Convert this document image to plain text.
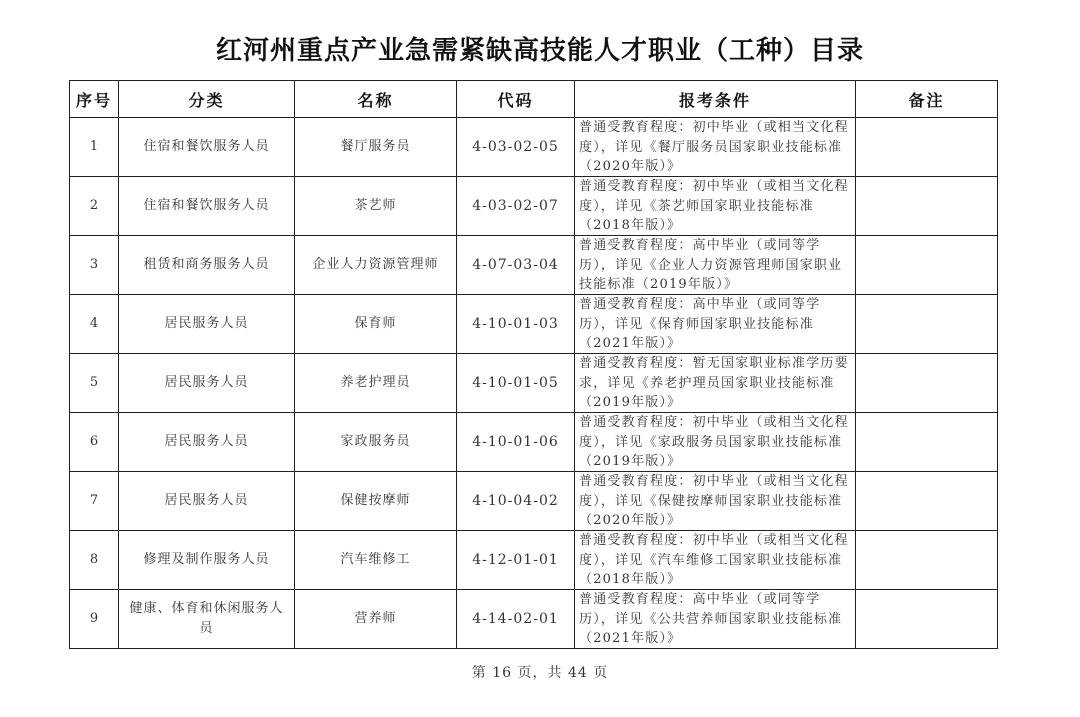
红河州重点产业急需紧缺高技能人才职业（工种）目录
序号	分类	名称	代码	报考条件	备注
1	住宿和餐饮服务人员	餐厅服务员	4-03-02-05	普通受教育程度：初中毕业（或相当文化程度），详见《餐厅服务员国家职业技能标准（2020年版）》	

2	住宿和餐饮服务人员	茶艺师	4-03-02-07	普通受教育程度：初中毕业（或相当文化程度），详见《茶艺师国家职业技能标准（2018年版）》	

3	租赁和商务服务人员	企业人力资源管理师	4-07-03-04	普通受教育程度：高中毕业（或同等学历），详见《企业人力资源管理师国家职业技能标准（2019年版）》	

4	居民服务人员	保育师	4-10-01-03	普通受教育程度：高中毕业（或同等学历），详见《保育师国家职业技能标准（2021年版）》	

5	居民服务人员	养老护理员	4-10-01-05	普通受教育程度：暂无国家职业标准学历要求，详见《养老护理员国家职业技能标准（2019年版）》	

6	居民服务人员	家政服务员	4-10-01-06	普通受教育程度：初中毕业（或相当文化程度），详见《家政服务员国家职业技能标准（2019年版）》	

7	居民服务人员	保健按摩师	4-10-04-02	普通受教育程度：初中毕业（或相当文化程度），详见《保健按摩师国家职业技能标准（2020年版）》	

8	修理及制作服务人员	汽车维修工	4-12-01-01	普通受教育程度：初中毕业（或相当文化程度），详见《汽车维修工国家职业技能标准（2018年版）》	

9	健康、体育和休闲服务人员	营养师	4-14-02-01	普通受教育程度：高中毕业（或同等学历），详见《公共营养师国家职业技能标准（2021年版）》	

第 16 页，共 44 页
